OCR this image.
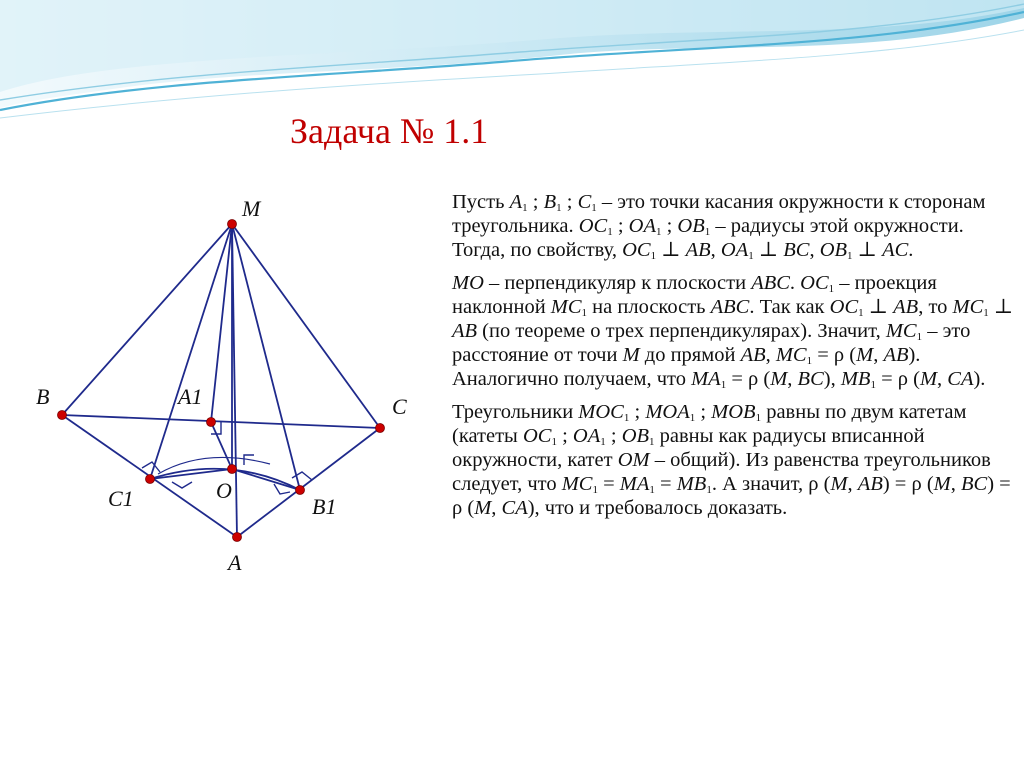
Задача № 1.1
M
B	A1	C
C1	O
B1
A

Пусть $A_1$ ; $B_1$ ; $C_1$ – это точки касания окружности к сторонам треугольника. $OC_1$ ; $OA_1$ ; $OB_1$ – радиусы этой окружности. Тогда, по свойству, $OC_1$ ⊥ AB, $OA_1$ ⊥ BC, $OB_1$ ⊥ AC.

MO – перпендикуляр к плоскости ABC. $OC_1$ – проекция наклонной $MC_1$ на плоскость ABC. Так как $OC_1$ ⊥ AB, то $MC_1$ ⊥ AB (по теореме о трех перпендикулярах). Значит, $MC_1$ – это расстояние от точи M до прямой AB, $MC_1 = \rho$ (M, AB). Аналогично получаем, что $MA_1 = \rho$ (M, BC), $MB_1 = \rho$ (M, CA).

Треугольники $MOC_1$ ; $MOA_1$ ; $MOB_1$ равны по двум катетам (катеты $OC_1$ ; $OA_1$ ; $OB_1$ равны как радиусы вписанной окружности, катет OM – общий). Из равенства треугольников следует, что $MC_1 = MA_1 = MB_1$. А значит, ρ (M, AB) = ρ (M, BC) = ρ (M, CA), что и требовалось доказать.
